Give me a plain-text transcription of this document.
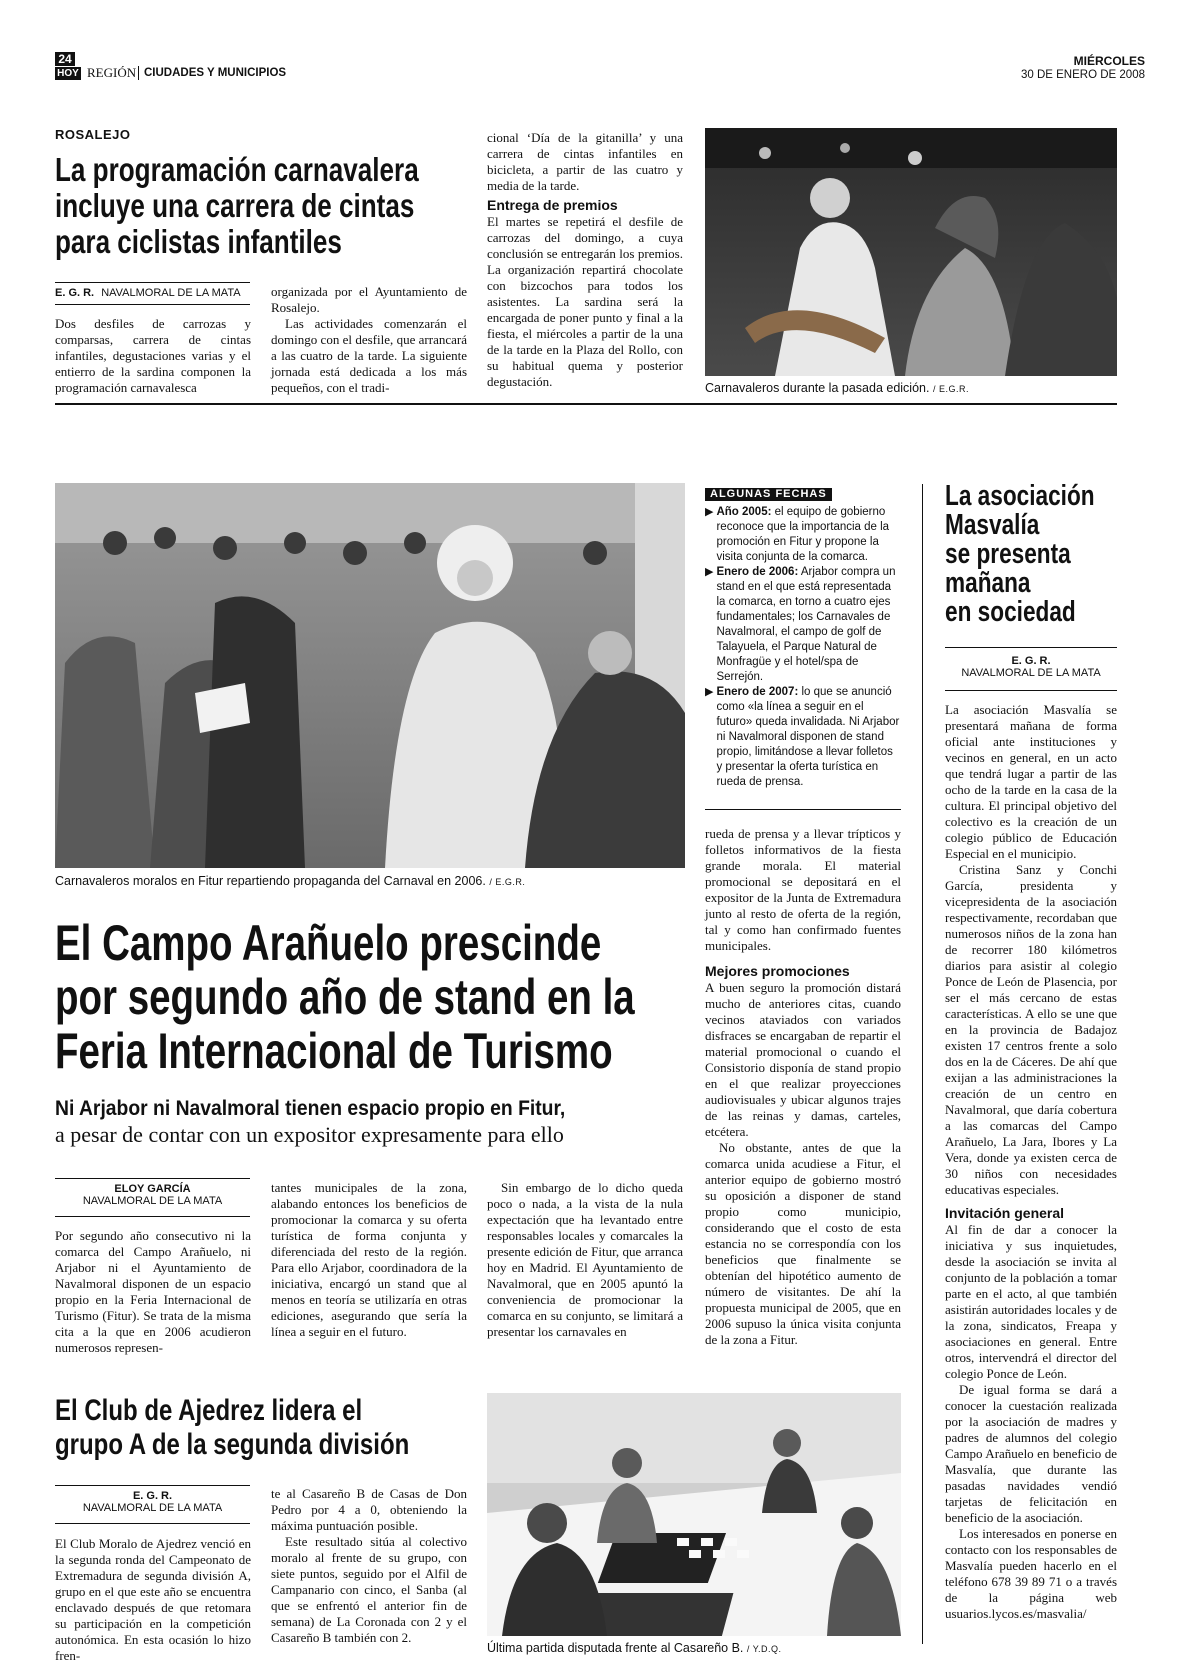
24
HOY REGIÓN CIUDADES Y MUNICIPIOS
MIÉRCOLES
30 DE ENERO DE 2008
ROSALEJO
La programación carnavalera
incluye una carrera de cintas
para ciclistas infantiles
E. G. R. NAVALMORAL DE LA MATA

Dos desfiles de carrozas y comparsas, carrera de cintas infantiles, degustaciones varias y el entierro de la sardina componen la programación carnavalesca

organizada por el Ayuntamiento de Rosalejo.

Las actividades comenzarán el domingo con el desfile, que arrancará a las cuatro de la tarde. La siguiente jornada está dedicada a los más pequeños, con el tradi-

cional ‘Día de la gitanilla’ y una carrera de cintas infantiles en bicicleta, a partir de las cuatro y media de la tarde.

Entrega de premios

El martes se repetirá el desfile de carrozas del domingo, a cuya conclusión se entregarán los premios. La organización repartirá chocolate con bizcochos para todos los asistentes. La sardina será la encargada de poner punto y final a la fiesta, el miércoles a partir de la una de la tarde en la Plaza del Rollo, con su habitual quema y posterior degustación.	Carnavaleros durante la pasada edición. / E.G.R.
Carnavaleros moralos en Fitur repartiendo propaganda del Carnaval en 2006. / E.G.R.
El Campo Arañuelo prescinde
por segundo año de stand en la
Feria Internacional de Turismo
Ni Arjabor ni Navalmoral tienen espacio propio en Fitur,
a pesar de contar con un expositor expresamente para ello
ELOY GARCÍA
NAVALMORAL DE LA MATA

Por segundo año consecutivo ni la comarca del Campo Arañuelo, ni Arjabor ni el Ayuntamiento de Navalmoral disponen de un espacio propio en la Feria Internacional de Turismo (Fitur). Se trata de la misma cita a la que en 2006 acudieron numerosos represen-

tantes municipales de la zona, alabando entonces los beneficios de promocionar la comarca y su oferta turística de forma conjunta y diferenciada del resto de la región. Para ello Arjabor, coordinadora de la iniciativa, encargó un stand que al menos en teoría se utilizaría en otras ediciones, asegurando que sería la línea a seguir en el futuro.

Sin embargo de lo dicho queda poco o nada, a la vista de la nula expectación que ha levantado entre responsables locales y comarcales la presente edición de Fitur, que arranca hoy en Madrid. El Ayuntamiento de Navalmoral, que en 2005 apuntó la conveniencia de promocionar la comarca en su conjunto, se limitará a presentar los carnavales en

rueda de prensa y a llevar trípticos y folletos informativos de la fiesta grande morala. El material promocional se depositará en el expositor de la Junta de Extremadura junto al resto de oferta de la región, tal y como han confirmado fuentes municipales.

Mejores promociones

A buen seguro la promoción distará mucho de anteriores citas, cuando vecinos ataviados con variados disfraces se encargaban de repartir el material promocional o cuando el Consistorio disponía de stand propio en el que realizar proyecciones audiovisuales y ubicar algunos trajes de las reinas y damas, carteles, etcétera.

No obstante, antes de que la comarca unida acudiese a Fitur, el anterior equipo de gobierno mostró su oposición a disponer de stand propio como municipio, considerando que el costo de esta estancia no se correspondía con los beneficios que finalmente se obtenían del hipotético aumento de número de visitantes. De ahí la propuesta municipal de 2005, que en 2006 supuso la única visita conjunta de la zona a Fitur.

ALGUNAS FECHAS
▶ Año 2005: el equipo de gobierno reconoce que la importancia de la promoción en Fitur y propone la visita conjunta de la comarca.
▶ Enero de 2006: Arjabor compra un stand en el que está representada la comarca, en torno a cuatro ejes fundamentales; los Carnavales de Navalmoral, el campo de golf de Talayuela, el Parque Natural de Monfragüe y el hotel/spa de Serrejón.
▶ Enero de 2007: lo que se anunció como «la línea a seguir en el futuro» queda invalidada. Ni Arjabor ni Navalmoral disponen de stand propio, limitándose a llevar folletos y presentar la oferta turística en rueda de prensa.
La asociación
Masvalía
se presenta
mañana
en sociedad
E. G. R.
NAVALMORAL DE LA MATA

La asociación Masvalía se presentará mañana de forma oficial ante instituciones y vecinos en general, en un acto que tendrá lugar a partir de las ocho de la tarde en la casa de la cultura. El principal objetivo del colectivo es la creación de un colegio público de Educación Especial en el municipio.

Cristina Sanz y Conchi García, presidenta y vicepresidenta de la asociación respectivamente, recordaban que numerosos niños de la zona han de recorrer 180 kilómetros diarios para asistir al colegio Ponce de León de Plasencia, por ser el más cercano de estas características. A ello se une que en la provincia de Badajoz existen 17 centros frente a solo dos en la de Cáceres. De ahí que exijan a las administraciones la creación de un centro en Navalmoral, que daría cobertura a las comarcas del Campo Arañuelo, La Jara, Ibores y La Vera, donde ya existen cerca de 30 niños con necesidades educativas especiales.

Invitación general

Al fin de dar a conocer la iniciativa y sus inquietudes, desde la asociación se invita al conjunto de la población a tomar parte en el acto, al que también asistirán autoridades locales y de la zona, sindicatos, Freapa y asociaciones en general. Entre otros, intervendrá el director del colegio Ponce de León.

De igual forma se dará a conocer la cuestación realizada por la asociación de madres y padres de alumnos del colegio Campo Arañuelo en beneficio de Masvalía, que durante las pasadas navidades vendió tarjetas de felicitación en beneficio de la asociación.

Los interesados en ponerse en contacto con los responsables de Masvalía pueden hacerlo en el teléfono 678 39 89 71 o a través de la página web usuarios.lycos.es/masvalia/

El Club de Ajedrez lidera el
grupo A de la segunda división
E. G. R.
NAVALMORAL DE LA MATA

El Club Moralo de Ajedrez venció en la segunda ronda del Campeonato de Extremadura de segunda división A, grupo en el que este año se encuentra enclavado después de que retomara su participación en la competición autonómica. En esta ocasión lo hizo fren-

te al Casareño B de Casas de Don Pedro por 4 a 0, obteniendo la máxima puntuación posible.

Este resultado sitúa al colectivo moralo al frente de su grupo, con siete puntos, seguido por el Alfil de Campanario con cinco, el Sanba (al que se enfrentó el anterior fin de semana) de La Coronada con 2 y el Casareño B también con 2.

Última partida disputada frente al Casareño B. / Y.D.Q.
